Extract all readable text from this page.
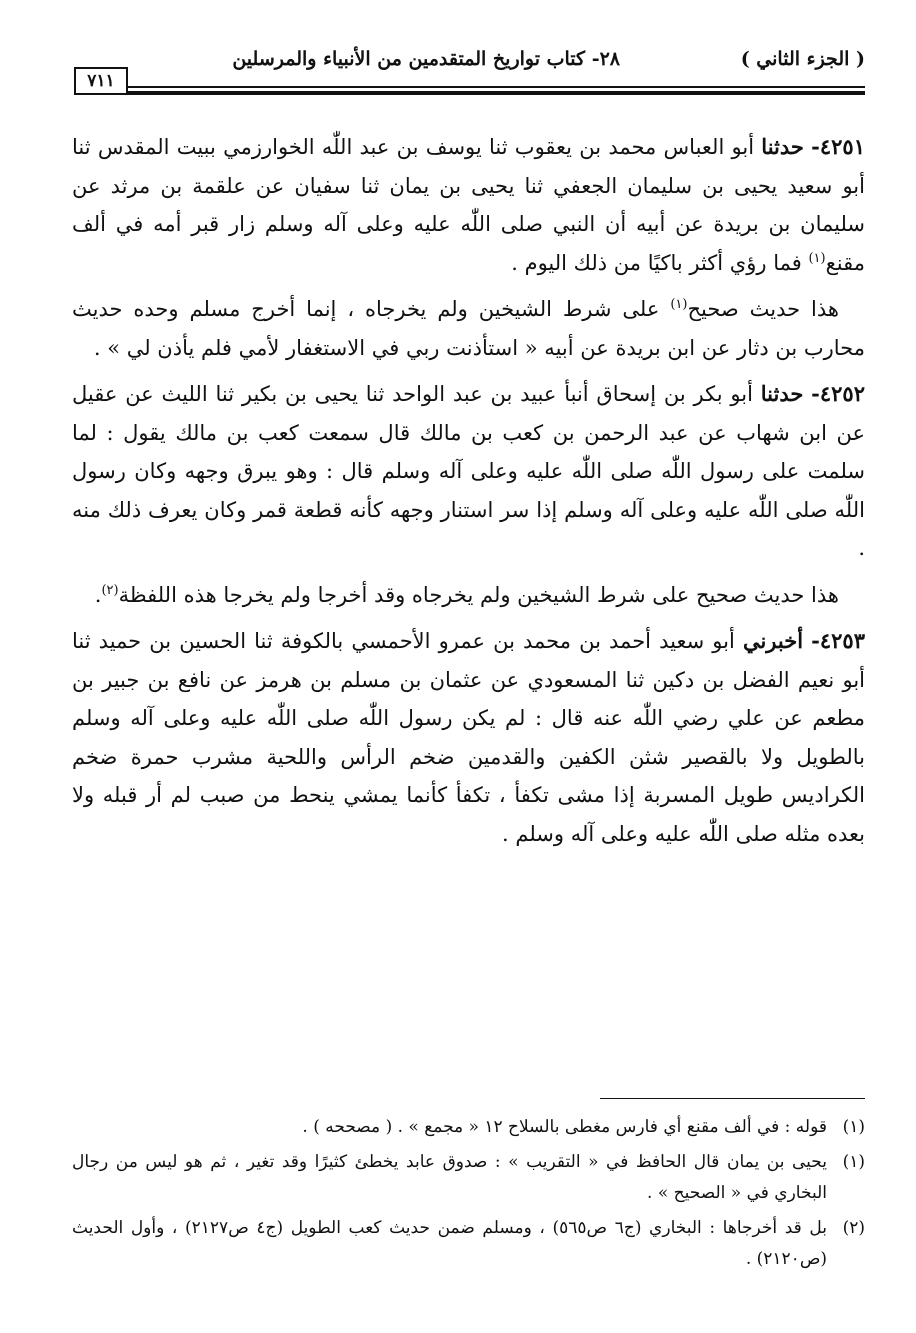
( الجزء الثاني )
٢٨- كتاب تواريخ المتقدمين من الأنبياء والمرسلين
٧١١

٤٢٥١- حدثنا أبو العباس محمد بن يعقوب ثنا يوسف بن عبد اللّٰه الخوارزمي ببيت المقدس ثنا أبو سعيد يحيى بن سليمان الجعفي ثنا يحيى بن يمان ثنا سفيان عن علقمة بن مرثد عن سليمان بن بريدة عن أبيه أن النبي صلى اللّٰه عليه وعلى آله وسلم زار قبر أمه في ألف مقنع$^{(١)}$ فما رؤي أكثر باكيًا من ذلك اليوم .

هذا حديث صحيح$^{(١)}$ على شرط الشيخين ولم يخرجاه ، إنما أخرج مسلم وحده حديث محارب بن دثار عن ابن بريدة عن أبيه « استأذنت ربي في الاستغفار لأمي فلم يأذن لي » .

٤٢٥٢- حدثنا أبو بكر بن إسحاق أنبأ عبيد بن عبد الواحد ثنا يحيى بن بكير ثنا الليث عن عقيل عن ابن شهاب عن عبد الرحمن بن كعب بن مالك قال سمعت كعب بن مالك يقول : لما سلمت على رسول اللّٰه صلى اللّٰه عليه وعلى آله وسلم قال : وهو يبرق وجهه وكان رسول اللّٰه صلى اللّٰه عليه وعلى آله وسلم إذا سر استنار وجهه كأنه قطعة قمر وكان يعرف ذلك منه .

هذا حديث صحيح على شرط الشيخين ولم يخرجاه وقد أخرجا ولم يخرجا هذه اللفظة$^{(٢)}$.

٤٢٥٣- أخبرني أبو سعيد أحمد بن محمد بن عمرو الأحمسي بالكوفة ثنا الحسين بن حميد ثنا أبو نعيم الفضل بن دكين ثنا المسعودي عن عثمان بن مسلم بن هرمز عن نافع بن جبير بن مطعم عن علي رضي اللّٰه عنه قال : لم يكن رسول اللّٰه صلى اللّٰه عليه وعلى آله وسلم بالطويل ولا بالقصير شثن الكفين والقدمين ضخم الرأس واللحية مشرب حمرة ضخم الكراديس طويل المسربة إذا مشى تكفأ ، تكفأ كأنما يمشي ينحط من صبب لم أر قبله ولا بعده مثله صلى اللّٰه عليه وعلى آله وسلم .

(١)
قوله : في ألف مقنع أي فارس مغطى بالسلاح ١٢ « مجمع » . ( مصححه ) .
(١)
يحيى بن يمان قال الحافظ في « التقريب » : صدوق عابد يخطئ كثيرًا وقد تغير ، ثم هو ليس من رجال البخاري في « الصحيح » .
(٢)
بل قد أخرجاها : البخاري (ج٦ ص٥٦٥) ، ومسلم ضمن حديث كعب الطويل (ج٤ ص٢١٢٧) ، وأول الحديث (ص٢١٢٠) .
